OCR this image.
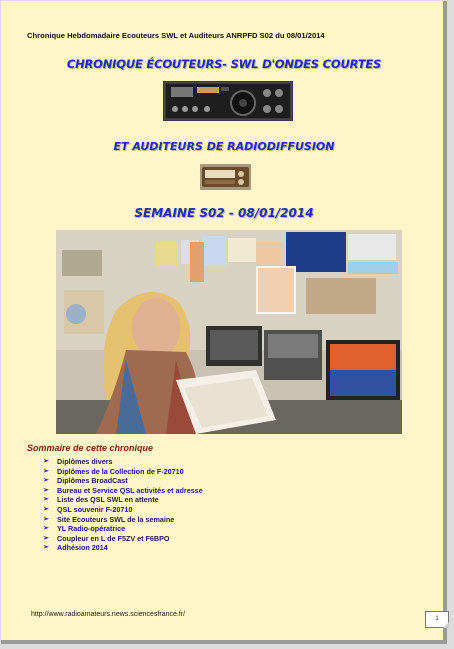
Chronique Hebdomadaire Ecouteurs SWL et Auditeurs ANRPFD S02 du 08/01/2014
CHRONIQUE ÉCOUTEURS- SWL D'ONDES COURTES
ET AUDITEURS DE RADIODIFFUSION
SEMAINE S02 - 08/01/2014
Sommaire de cette chronique
➢ Diplômes divers
➢ Diplômes de la Collection de F-20710
➢ Diplômes BroadCast
➢ Bureau et Service QSL activités et adresse
➢ Liste des QSL SWL en attente
➢ QSL souvenir F-20710
➢ Site Ecouteurs SWL de la semaine
➢ YL Radio-opératrice
➢ Coupleur en L de F5ZV et F6BPO
➢ Adhésion 2014
http://www.radioamateurs.news.sciencesfrance.fr/
1
